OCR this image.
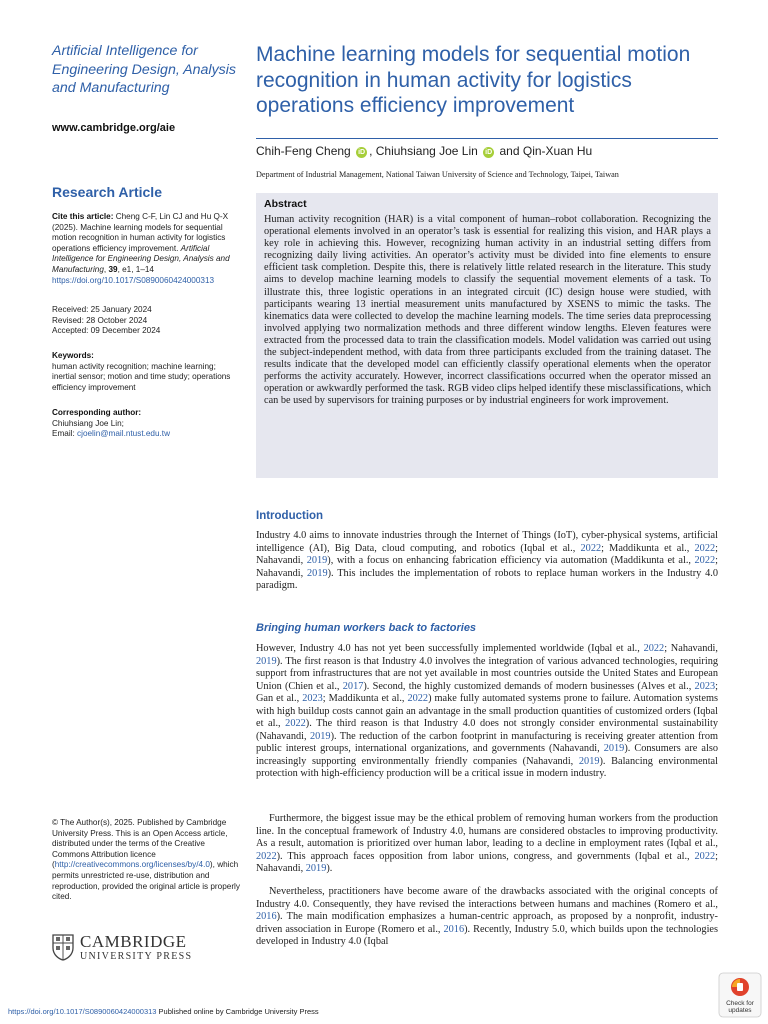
Artificial Intelligence for Engineering Design, Analysis and Manufacturing
www.cambridge.org/aie
Research Article
Cite this article: Cheng C-F, Lin CJ and Hu Q-X (2025). Machine learning models for sequential motion recognition in human activity for logistics operations efficiency improvement. Artificial Intelligence for Engineering Design, Analysis and Manufacturing, 39, e1, 1–14
https://doi.org/10.1017/S0890060424000313
Received: 25 January 2024
Revised: 28 October 2024
Accepted: 09 December 2024
Keywords:
human activity recognition; machine learning; inertial sensor; motion and time study; operations efficiency improvement
Corresponding author:
Chiuhsiang Joe Lin;
Email: cjoelin@mail.ntust.edu.tw
Machine learning models for sequential motion recognition in human activity for logistics operations efficiency improvement
Chih-Feng Cheng iD , Chiuhsiang Joe Lin iD and Qin-Xuan Hu
Department of Industrial Management, National Taiwan University of Science and Technology, Taipei, Taiwan
Abstract

Human activity recognition (HAR) is a vital component of human–robot collaboration. Recognizing the operational elements involved in an operator’s task is essential for realizing this vision, and HAR plays a key role in achieving this. However, recognizing human activity in an industrial setting differs from recognizing daily living activities. An operator’s activity must be divided into fine elements to ensure efficient task completion. Despite this, there is relatively little related research in the literature. This study aims to develop machine learning models to classify the sequential movement elements of a task. To illustrate this, three logistic operations in an integrated circuit (IC) design house were studied, with participants wearing 13 inertial measurement units manufactured by XSENS to mimic the tasks. The kinematics data were collected to develop the machine learning models. The time series data preprocessing involved applying two normalization methods and three different window lengths. Eleven features were extracted from the processed data to train the classification models. Model validation was carried out using the subject-independent method, with data from three participants excluded from the training dataset. The results indicate that the developed model can efficiently classify operational elements when the operator performs the activity accurately. However, incorrect classifications occurred when the operator missed an operation or awkwardly performed the task. RGB video clips helped identify these misclassifications, which can be used by supervisors for training purposes or by industrial engineers for work improvement.

Introduction

Industry 4.0 aims to innovate industries through the Internet of Things (IoT), cyber-physical systems, artificial intelligence (AI), Big Data, cloud computing, and robotics (Iqbal et al., 2022; Maddikunta et al., 2022; Nahavandi, 2019), with a focus on enhancing fabrication efficiency via automation (Maddikunta et al., 2022; Nahavandi, 2019). This includes the implementation of robots to replace human workers in the Industry 4.0 paradigm.

Bringing human workers back to factories

However, Industry 4.0 has not yet been successfully implemented worldwide (Iqbal et al., 2022; Nahavandi, 2019). The first reason is that Industry 4.0 involves the integration of various advanced technologies, requiring support from infrastructures that are not yet available in most countries outside the United States and European Union (Chien et al., 2017). Second, the highly customized demands of modern businesses (Alves et al., 2023; Gan et al., 2023; Maddikunta et al., 2022) make fully automated systems prone to failure. Automation systems with high buildup costs cannot gain an advantage in the small production quantities of customized orders (Iqbal et al., 2022). The third reason is that Industry 4.0 does not strongly consider environmental sustainability (Nahavandi, 2019). The reduction of the carbon footprint in manufacturing is receiving greater attention from public interest groups, international organizations, and governments (Nahavandi, 2019). Consumers are also increasingly supporting environmentally friendly companies (Nahavandi, 2019). Balancing environmental protection with high-efficiency production will be a critical issue in modern industry.

Furthermore, the biggest issue may be the ethical problem of removing human workers from the production line. In the conceptual framework of Industry 4.0, humans are considered obstacles to improving productivity. As a result, automation is prioritized over human labor, leading to a decline in employment rates (Iqbal et al., 2022). This approach faces opposition from labor unions, congress, and governments (Iqbal et al., 2022; Nahavandi, 2019).

Nevertheless, practitioners have become aware of the drawbacks associated with the original concepts of Industry 4.0. Consequently, they have revised the interactions between humans and machines (Romero et al., 2016). The main modification emphasizes a human-centric approach, as proposed by a nonprofit, industry-driven association in Europe (Romero et al., 2016). Recently, Industry 5.0, which builds upon the technologies developed in Industry 4.0 (Iqbal

© The Author(s), 2025. Published by Cambridge University Press. This is an Open Access article, distributed under the terms of the Creative Commons Attribution licence (http://creativecommons.org/licenses/by/4.0), which permits unrestricted re-use, distribution and reproduction, provided the original article is properly cited.
CAMBRIDGE
UNIVERSITY PRESS
https://doi.org/10.1017/S0890060424000313 Published online by Cambridge University Press
Check for
updates
